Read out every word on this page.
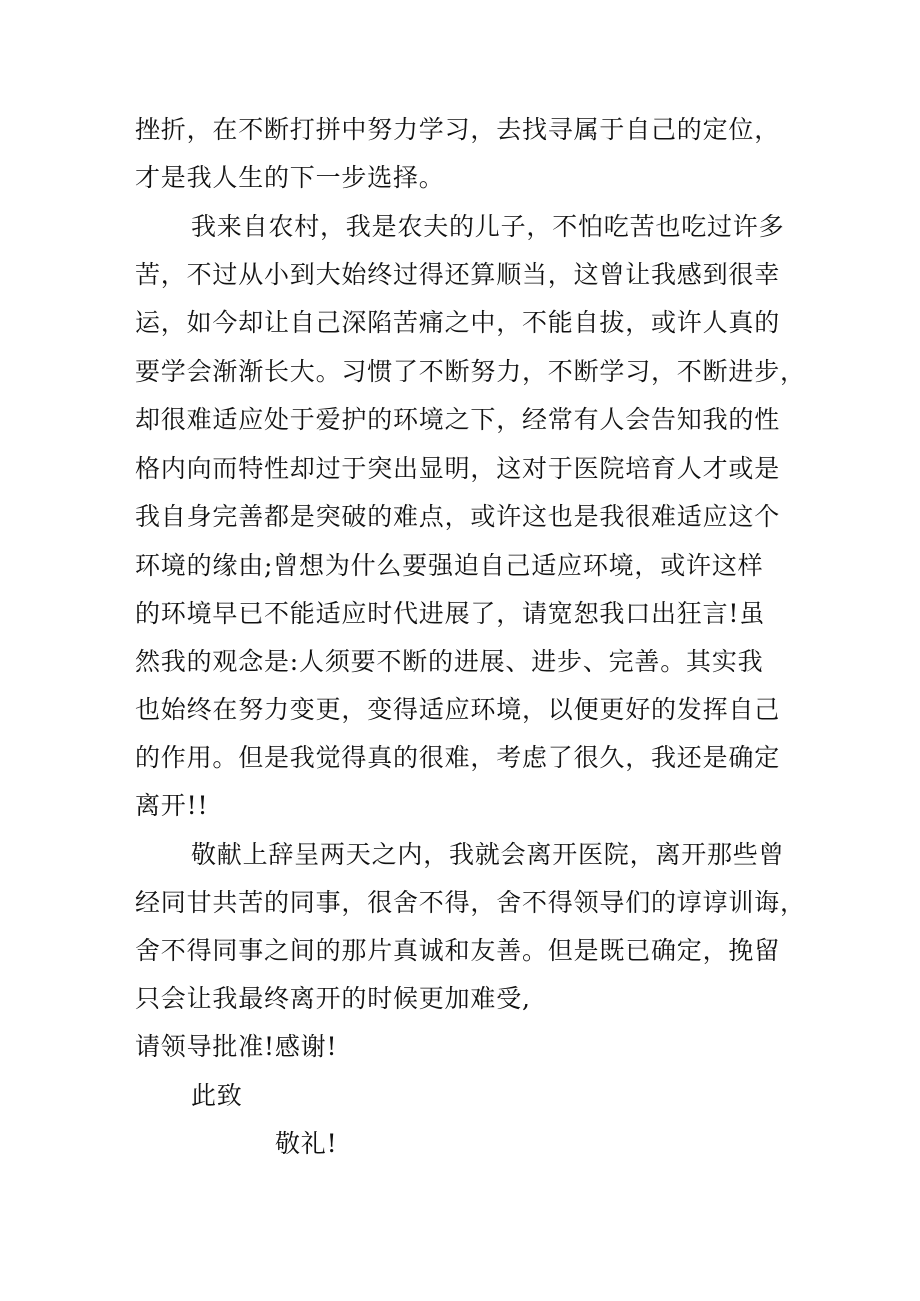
挫折，在不断打拼中努力学习，去找寻属于自己的定位，
才是我人生的下一步选择。
我来自农村，我是农夫的儿子，不怕吃苦也吃过许多
苦，不过从小到大始终过得还算顺当，这曾让我感到很幸
运，如今却让自己深陷苦痛之中，不能自拔，或许人真的
要学会渐渐长大。习惯了不断努力，不断学习，不断进步，
却很难适应处于爱护的环境之下，经常有人会告知我的性
格内向而特性却过于突出显明，这对于医院培育人才或是
我自身完善都是突破的难点，或许这也是我很难适应这个
环境的缘由;曾想为什么要强迫自己适应环境，或许这样
的环境早已不能适应时代进展了，请宽恕我口出狂言!虽
然我的观念是:人须要不断的进展、进步、完善。其实我
也始终在努力变更，变得适应环境，以便更好的发挥自己
的作用。但是我觉得真的很难，考虑了很久，我还是确定
离开!!
敬献上辞呈两天之内，我就会离开医院，离开那些曾
经同甘共苦的同事，很舍不得，舍不得领导们的谆谆训诲，
舍不得同事之间的那片真诚和友善。但是既已确定，挽留
只会让我最终离开的时候更加难受,
请领导批准!感谢!
此致
敬礼!
